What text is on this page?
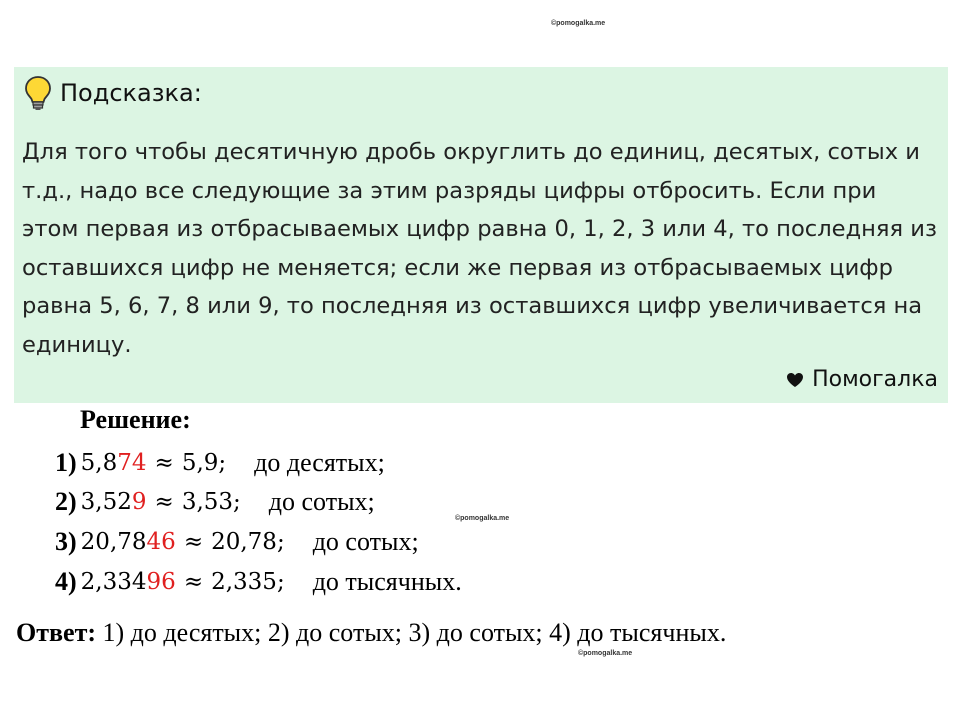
©pomogalka.me
Подсказка:

Для того чтобы десятичную дробь округлить до единиц, десятых, сотых и т.д., надо все следующие за этим разряды цифры отбросить. Если при этом первая из отбрасываемых цифр равна 0, 1, 2, 3 или 4, то последняя из оставшихся цифр не меняется; если же первая из отбрасываемых цифр равна 5, 6, 7, 8 или 9, то последняя из оставшихся цифр увеличивается на единицу.

Помогалка
Решение:
1) 5,874 ≈ 5,9; до десятых;
2) 3,529 ≈ 3,53; до сотых;
©pomogalka.me
3) 20,7846 ≈ 20,78; до сотых;
4) 2,33496 ≈ 2,335; до тысячных.

Ответ: 1) до десятых; 2) до сотых; 3) до сотых; 4) до тысячных.

©pomogalka.me
